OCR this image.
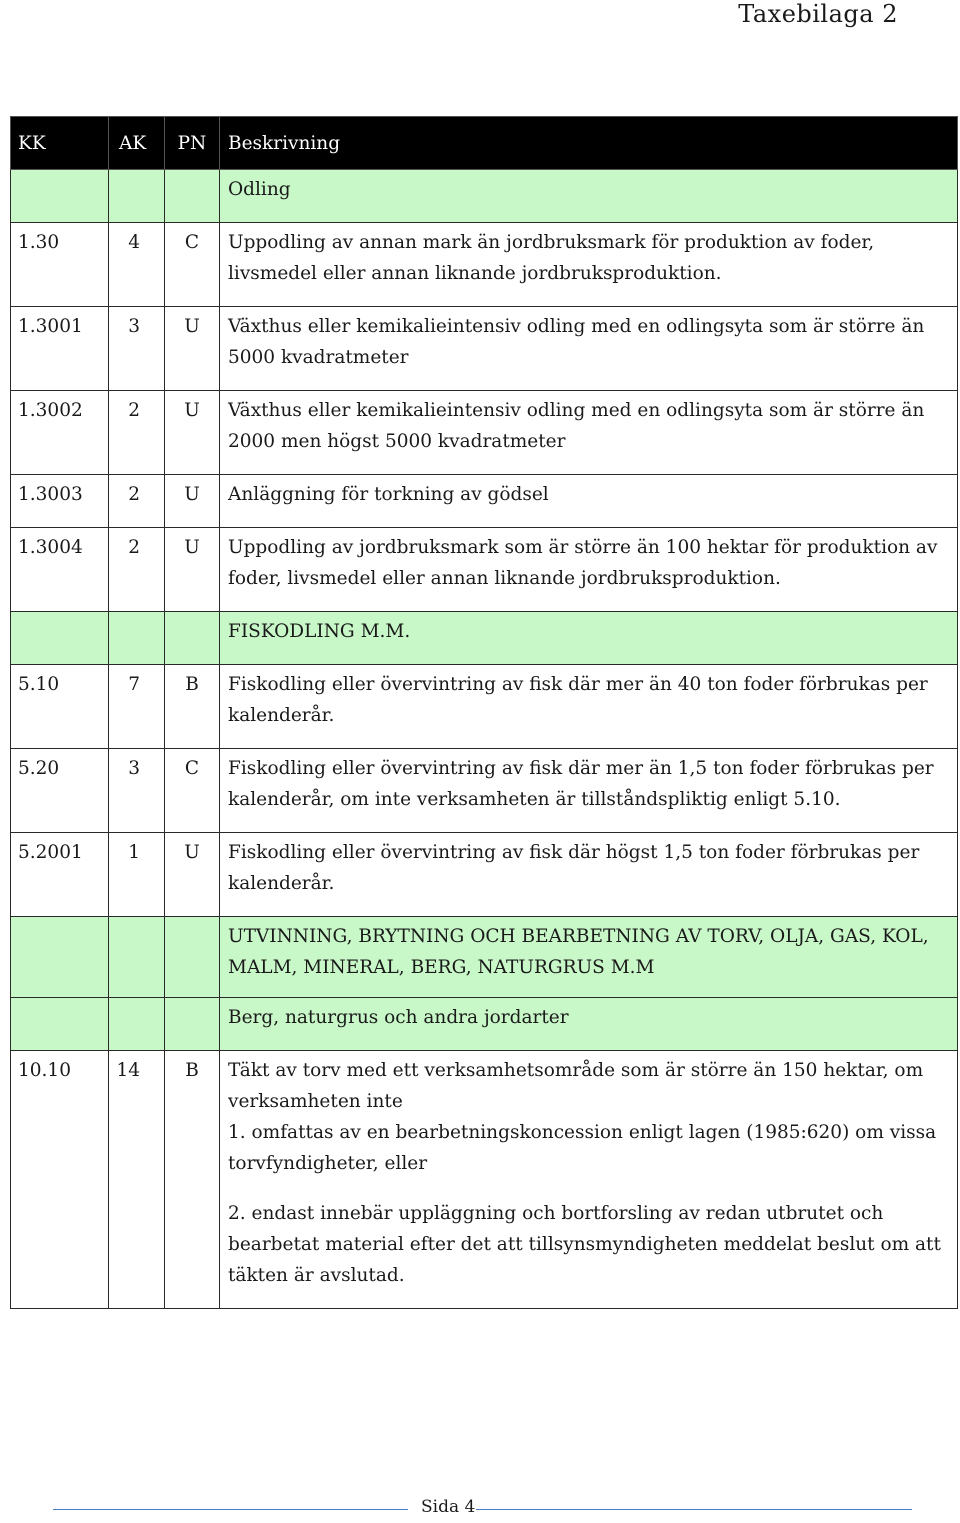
Taxebilaga 2
KK	AK	PN	Beskrivning
			Odling
1.30	4	C	Uppodling av annan mark än jordbruksmark för produktion av foder, livsmedel eller annan liknande jordbruksproduktion.
1.3001	3	U	Växthus eller kemikalieintensiv odling med en odlingsyta som är större än 5000 kvadratmeter
1.3002	2	U	Växthus eller kemikalieintensiv odling med en odlingsyta som är större än 2000 men högst 5000 kvadratmeter
1.3003	2	U	Anläggning för torkning av gödsel
1.3004	2	U	Uppodling av jordbruksmark som är större än 100 hektar för produktion av foder, livsmedel eller annan liknande jordbruksproduktion.
			FISKODLING M.M.
5.10	7	B	Fiskodling eller övervintring av fisk där mer än 40 ton foder förbrukas per kalenderår.
5.20	3	C	Fiskodling eller övervintring av fisk där mer än 1,5 ton foder förbrukas per kalenderår, om inte verksamheten är tillståndspliktig enligt 5.10.
5.2001	1	U	Fiskodling eller övervintring av fisk där högst 1,5 ton foder förbrukas per kalenderår.
			UTVINNING, BRYTNING OCH BEARBETNING AV TORV, OLJA, GAS, KOL, MALM, MINERAL, BERG, NATURGRUS M.M
			Berg, naturgrus och andra jordarter
10.10	14	B	Täkt av torv med ett verksamhetsområde som är större än 150 hektar, om verksamheten inte
1. omfattas av en bearbetningskoncession enligt lagen (1985:620) om vissa torvfyndigheter, eller
2. endast innebär uppläggning och bortforsling av redan utbrutet och bearbetat material efter det att tillsynsmyndigheten meddelat beslut om att täkten är avslutad.
Sida 4
